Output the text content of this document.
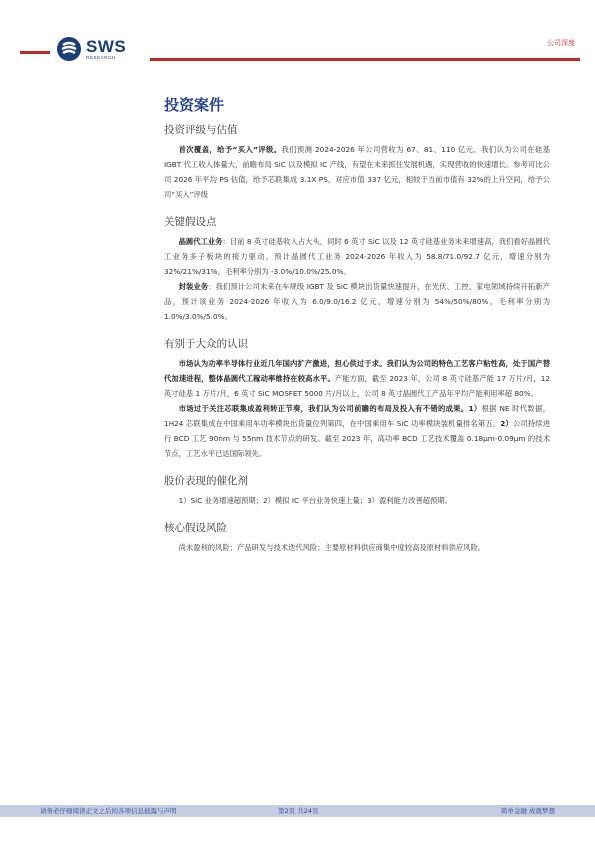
SWS
RESEARCH
公司深度
投资案件
投资评级与估值

首次覆盖，给予“买入”评级。我们预测 2024-2026 年公司营收为 67、81、110 亿元。我们认为公司在硅基 IGBT 代工收入体量大，前瞻布局 SiC 以及模拟 IC 产线，有望在未来抓住发展机遇，实现营收的快速增长。参考可比公司 2026 年平均 PS 估值，给予芯联集成 3.1X PS，对应市值 337 亿元，相较于当前市值有 32%的上升空间，给予公司“买入”评级

关键假设点

晶圆代工业务：目前 8 英寸硅基收入占大头，同时 6 英寸 SiC 以及 12 英寸硅基业务未来增速高，我们看好晶圆代工业务多子板块的接力驱动，预计晶圆代工业务 2024-2026 年收入为 58.8/71.0/92.7 亿元，增速分别为 32%/21%/31%，毛利率分别为 -3.0%/10.0%/25.0%。

封装业务：我们预计公司未来在车规级 IGBT 及 SiC 模块出货量快速提升，在光伏、工控、家电领域持续开拓新产品，预计该业务 2024-2026 年收入为 6.0/9.0/16.2 亿元，增速分别为 54%/50%/80%，毛利率分别为 1.0%/3.0%/5.0%。

有别于大众的认识

市场认为功率半导体行业近几年国内扩产激进，担心供过于求。我们认为公司的特色工艺客户粘性高，处于国产替代加速进程，整体晶圆代工稼动率维持在较高水平。产能方面，截至 2023 年，公司 8 英寸硅基产能 17 万片/月，12 英寸硅基 1 万片/月，6 英寸 SiC MOSFET 5000 片/月以上，公司 8 英寸晶圆代工产品年平均产能利用率超 80%。

市场过于关注芯联集成盈利转正节奏，我们认为公司前瞻的布局及投入有不错的成果。1）根据 NE 时代数据，1H24 芯联集成在中国乘用车功率模块出货量位列第四，在中国乘用车 SiC 功率模块装机量排名第五。2）公司持续进行 BCD 工艺 90nm 与 55nm 技术节点的研发。截至 2023 年，高功率 BCD 工艺技术覆盖 0.18μm-0.09μm 的技术节点，工艺水平已达国际领先。

股价表现的催化剂

1）SiC 业务增速超预期；2）模拟 IC 平台业务快速上量；3）盈利能力改善超预期。

核心假设风险

尚未盈利的风险；产品研发与技术迭代风险；主要原材料供应商集中度较高及原材料供应风险。

请务必仔细阅读正文之后的各项信息披露与声明	第2页 共24页	简单金融 成就梦想
